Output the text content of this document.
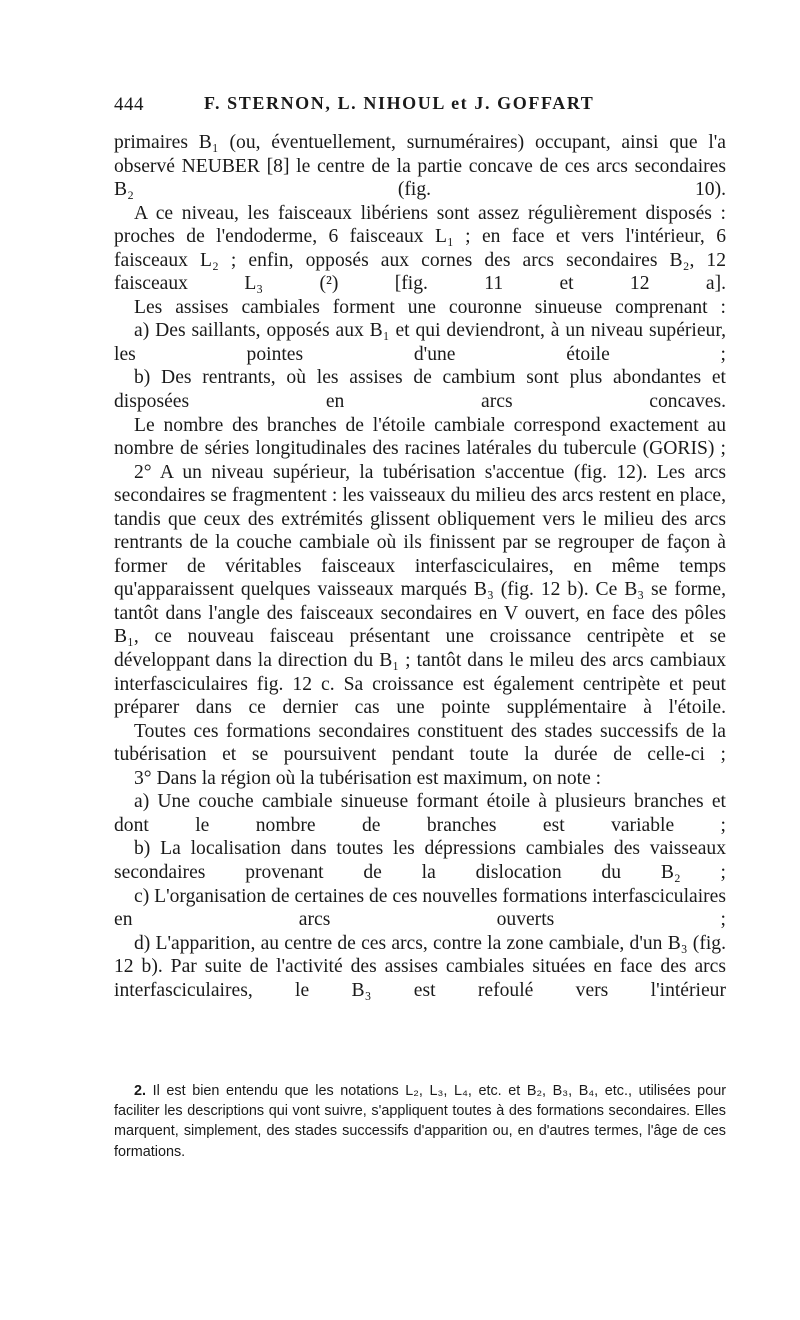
444	F. STERNON, L. NIHOUL et J. GOFFART

primaires B₁ (ou, éventuellement, surnuméraires) occupant, ainsi que l'a observé NEUBER [8] le centre de la partie concave de ces arcs secondaires B₂ (fig. 10).

A ce niveau, les faisceaux libériens sont assez régulièrement disposés : proches de l'endoderme, 6 faisceaux L₁ ; en face et vers l'intérieur, 6 faisceaux L₂ ; enfin, opposés aux cornes des arcs secondaires B₂, 12 faisceaux L₃ (²) [fig. 11 et 12 a].

Les assises cambiales forment une couronne sinueuse comprenant :

a) Des saillants, opposés aux B₁ et qui deviendront, à un niveau supérieur, les pointes d'une étoile ;

b) Des rentrants, où les assises de cambium sont plus abondantes et disposées en arcs concaves.

Le nombre des branches de l'étoile cambiale correspond exactement au nombre de séries longitudinales des racines latérales du tubercule (GORIS) ;

2° A un niveau supérieur, la tubérisation s'accentue (fig. 12). Les arcs secondaires se fragmentent : les vaisseaux du milieu des arcs restent en place, tandis que ceux des extrémités glissent obliquement vers le milieu des arcs rentrants de la couche cambiale où ils finissent par se regrouper de façon à former de véritables faisceaux interfasciculaires, en même temps qu'apparaissent quelques vaisseaux marqués B₃ (fig. 12 b). Ce B₃ se forme, tantôt dans l'angle des faisceaux secondaires en V ouvert, en face des pôles B₁, ce nouveau faisceau présentant une croissance centripète et se développant dans la direction du B₁ ; tantôt dans le mileu des arcs cambiaux interfasciculaires fig. 12 c. Sa croissance est également centripète et peut préparer dans ce dernier cas une pointe supplémentaire à l'étoile.

Toutes ces formations secondaires constituent des stades successifs de la tubérisation et se poursuivent pendant toute la durée de celle-ci ;

3° Dans la région où la tubérisation est maximum, on note :

a) Une couche cambiale sinueuse formant étoile à plusieurs branches et dont le nombre de branches est variable ;

b) La localisation dans toutes les dépressions cambiales des vaisseaux secondaires provenant de la dislocation du B₂ ;

c) L'organisation de certaines de ces nouvelles formations interfasciculaires en arcs ouverts ;

d) L'apparition, au centre de ces arcs, contre la zone cambiale, d'un B₃ (fig. 12 b). Par suite de l'activité des assises cambiales situées en face des arcs interfasciculaires, le B₃ est refoulé vers l'intérieur

2. Il est bien entendu que les notations L₂, L₃, L₄, etc. et B₂, B₃, B₄, etc., utilisées pour faciliter les descriptions qui vont suivre, s'appliquent toutes à des formations secondaires. Elles marquent, simplement, des stades successifs d'apparition ou, en d'autres termes, l'âge de ces formations.
